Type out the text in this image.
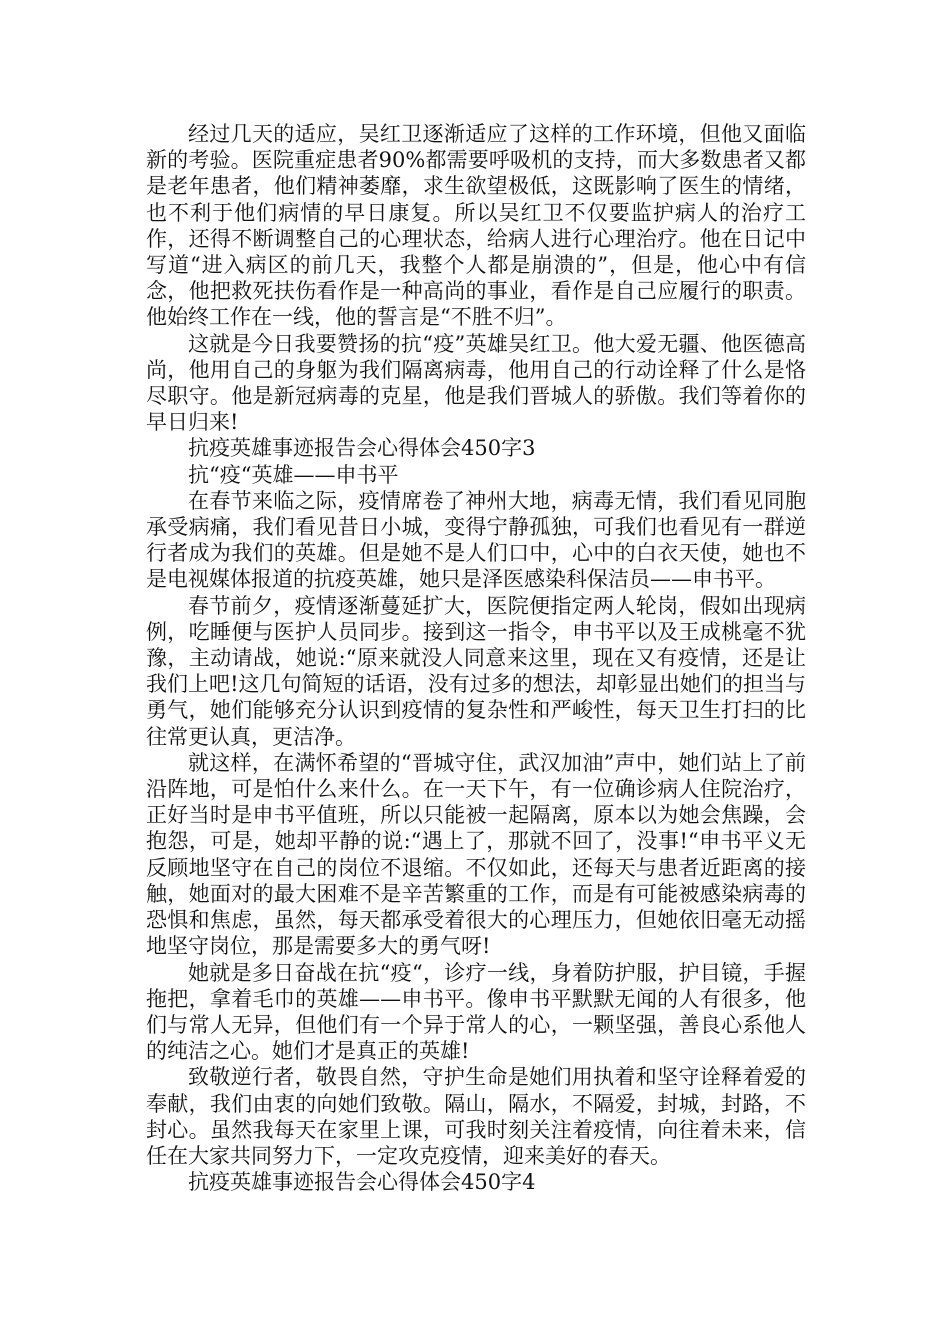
经过几天的适应，吴红卫逐渐适应了这样的工作环境，但他又面临新的考验。医院重症患者90%都需要呼吸机的支持，而大多数患者又都是老年患者，他们精神萎靡，求生欲望极低，这既影响了医生的情绪，也不利于他们病情的早日康复。所以吴红卫不仅要监护病人的治疗工作，还得不断调整自己的心理状态，给病人进行心理治疗。他在日记中写道“进入病区的前几天，我整个人都是崩溃的”，但是，他心中有信念，他把救死扶伤看作是一种高尚的事业，看作是自己应履行的职责。他始终工作在一线，他的誓言是“不胜不归”。

这就是今日我要赞扬的抗“疫”英雄吴红卫。他大爱无疆、他医德高尚，他用自己的身躯为我们隔离病毒，他用自己的行动诠释了什么是恪尽职守。他是新冠病毒的克星，他是我们晋城人的骄傲。我们等着你的早日归来!

抗疫英雄事迹报告会心得体会450字3

抗“疫“英雄——申书平

在春节来临之际，疫情席卷了神州大地，病毒无情，我们看见同胞承受病痛，我们看见昔日小城，变得宁静孤独，可我们也看见有一群逆行者成为我们的英雄。但是她不是人们口中，心中的白衣天使，她也不是电视媒体报道的抗疫英雄，她只是泽医感染科保洁员——申书平。

春节前夕，疫情逐渐蔓延扩大，医院便指定两人轮岗，假如出现病例，吃睡便与医护人员同步。接到这一指令，申书平以及王成桃毫不犹豫，主动请战，她说:“原来就没人同意来这里，现在又有疫情，还是让我们上吧!这几句简短的话语，没有过多的想法，却彰显出她们的担当与勇气，她们能够充分认识到疫情的复杂性和严峻性，每天卫生打扫的比往常更认真，更洁净。

就这样，在满怀希望的“晋城守住，武汉加油”声中，她们站上了前沿阵地，可是怕什么来什么。在一天下午，有一位确诊病人住院治疗，正好当时是申书平值班，所以只能被一起隔离，原本以为她会焦躁，会抱怨，可是，她却平静的说:“遇上了，那就不回了，没事!“申书平义无反顾地坚守在自己的岗位不退缩。不仅如此，还每天与患者近距离的接触，她面对的最大困难不是辛苦繁重的工作，而是有可能被感染病毒的恐惧和焦虑，虽然，每天都承受着很大的心理压力，但她依旧毫无动摇地坚守岗位，那是需要多大的勇气呀!

她就是多日奋战在抗“疫“，诊疗一线，身着防护服，护目镜，手握拖把，拿着毛巾的英雄——申书平。像申书平默默无闻的人有很多，他们与常人无异，但他们有一个异于常人的心，一颗坚强，善良心系他人的纯洁之心。她们才是真正的英雄!

致敬逆行者，敬畏自然，守护生命是她们用执着和坚守诠释着爱的奉献，我们由衷的向她们致敬。隔山，隔水，不隔爱，封城，封路，不封心。虽然我每天在家里上课，可我时刻关注着疫情，向往着未来，信任在大家共同努力下，一定攻克疫情，迎来美好的春天。

抗疫英雄事迹报告会心得体会450字4
